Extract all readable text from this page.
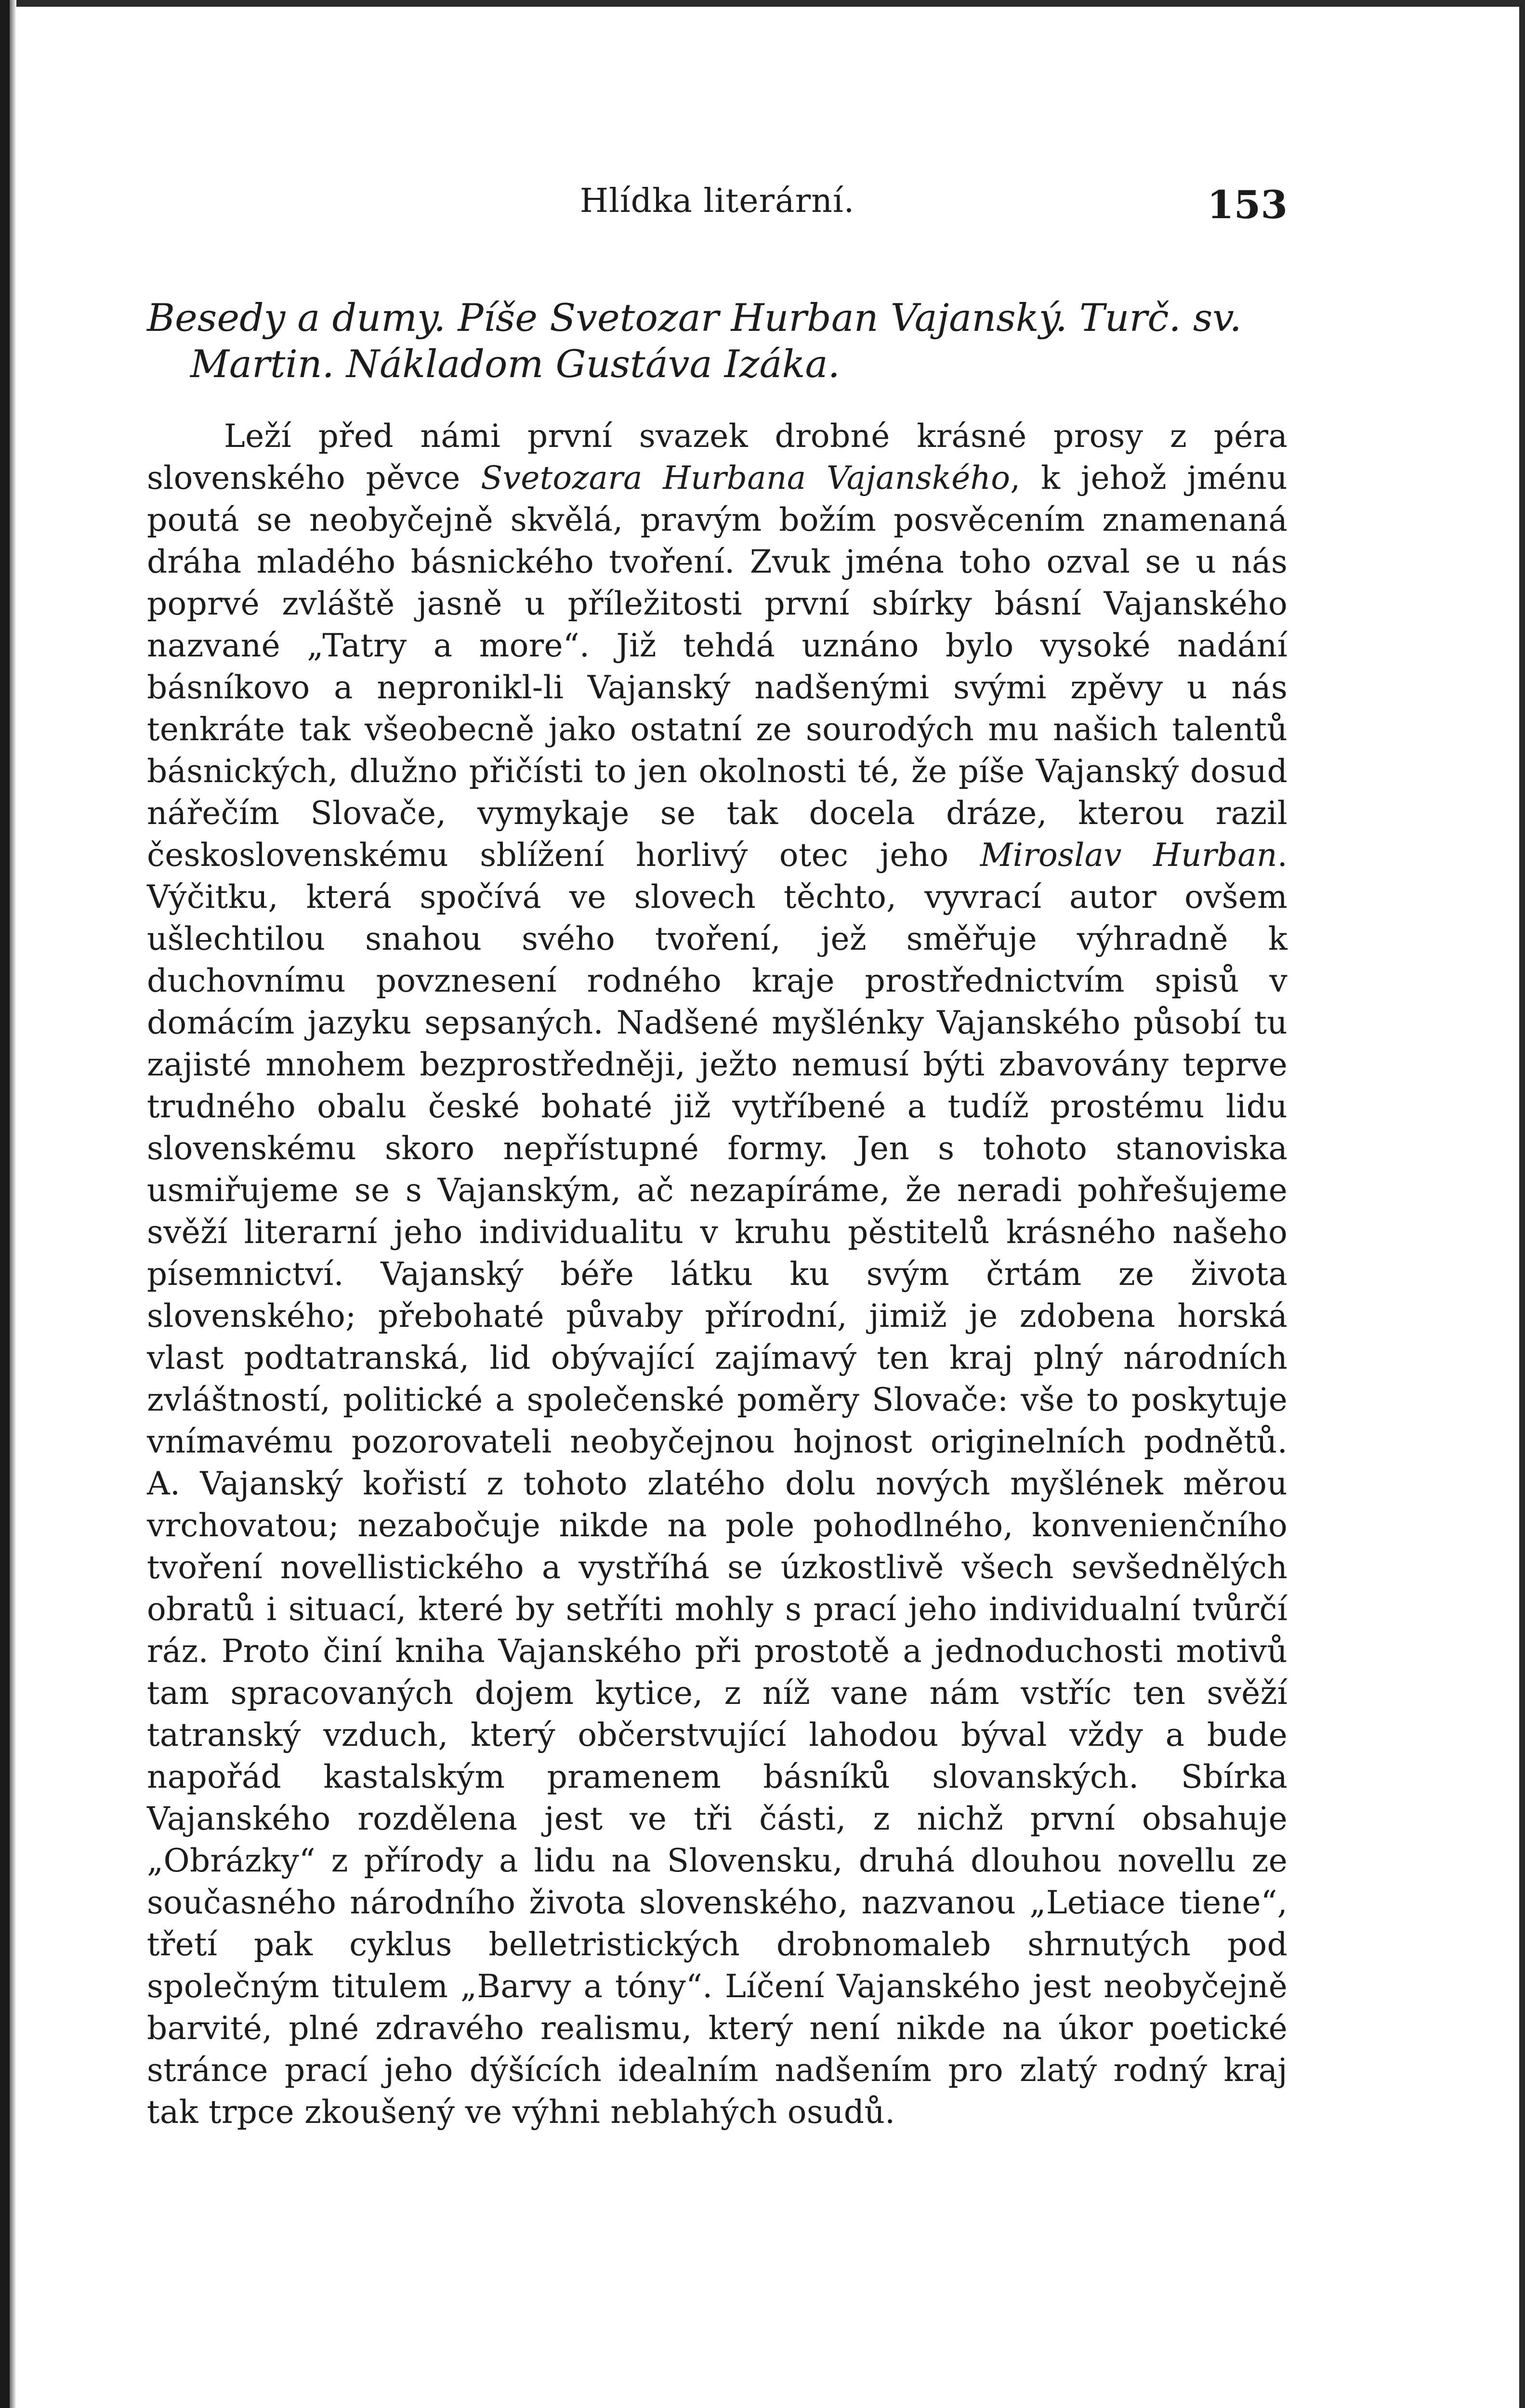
Hlídka literární.	153
Besedy a dumy. Píše Svetozar Hurban Vajanský. Turč. sv.
Martin. Nákladom Gustáva Izáka.

Leží před námi první svazek drobné krásné prosy z péra slovenského pěvce Svetozara Hurbana Vajanského, k jehož jménu poutá se neobyčejně skvělá, pravým božím posvěcením znamenaná dráha mladého básnického tvoření. Zvuk jména toho ozval se u nás poprvé zvláště jasně u příležitosti první sbírky básní Vajanského nazvané „Tatry a more“. Již tehdá uznáno bylo vysoké nadání básníkovo a nepronikl-li Vajanský nadšenými svými zpěvy u nás tenkráte tak všeobecně jako ostatní ze sourodých mu našich talentů básnických, dlužno přičísti to jen okolnosti té, že píše Vajanský dosud nářečím Slovače, vymykaje se tak docela dráze, kterou razil československému sblížení horlivý otec jeho Miroslav Hurban. Výčitku, která spočívá ve slovech těchto, vyvrací autor ovšem ušlechtilou snahou svého tvoření, jež směřuje výhradně k duchovnímu povznesení rodného kraje prostřednictvím spisů v domácím jazyku sepsaných. Nadšené myšlénky Vajanského působí tu zajisté mnohem bezprostředněji, ježto nemusí býti zbavovány teprve trudného obalu české bohaté již vytříbené a tudíž prostému lidu slovenskému skoro nepřístupné formy. Jen s tohoto stanoviska usmiřujeme se s Vajanským, ač nezapíráme, že neradi pohřešujeme svěží literarní jeho individualitu v kruhu pěstitelů krásného našeho písemnictví. Vajanský béře látku ku svým črtám ze života slovenského; přebohaté půvaby přírodní, jimiž je zdobena horská vlast podtatranská, lid obývající zajímavý ten kraj plný národních zvláštností, politické a společenské poměry Slovače: vše to poskytuje vnímavému pozorovateli neobyčejnou hojnost originelních podnětů. A. Vajanský kořistí z tohoto zlatého dolu nových myšlének měrou vrchovatou; nezabočuje nikde na pole pohodlného, konvenienčního tvoření novellistického a vystříhá se úzkostlivě všech sevšednělých obratů i situací, které by setříti mohly s prací jeho individualní tvůrčí ráz. Proto činí kniha Vajanského při prostotě a jednoduchosti motivů tam spracovaných dojem kytice, z níž vane nám vstříc ten svěží tatranský vzduch, který občerstvující lahodou býval vždy a bude napořád kastalským pramenem básníků slovanských. Sbírka Vajanského rozdělena jest ve tři části, z nichž první obsahuje „Obrázky“ z přírody a lidu na Slovensku, druhá dlouhou novellu ze současného národního života slovenského, nazvanou „Letiace tiene“, třetí pak cyklus belletristických drobnomaleb shrnutých pod společným titulem „Barvy a tóny“. Líčení Vajanského jest neobyčejně barvité, plné zdravého realismu, který není nikde na úkor poetické stránce prací jeho dýšících idealním nadšením pro zlatý rodný kraj tak trpce zkoušený ve výhni neblahých osudů.
